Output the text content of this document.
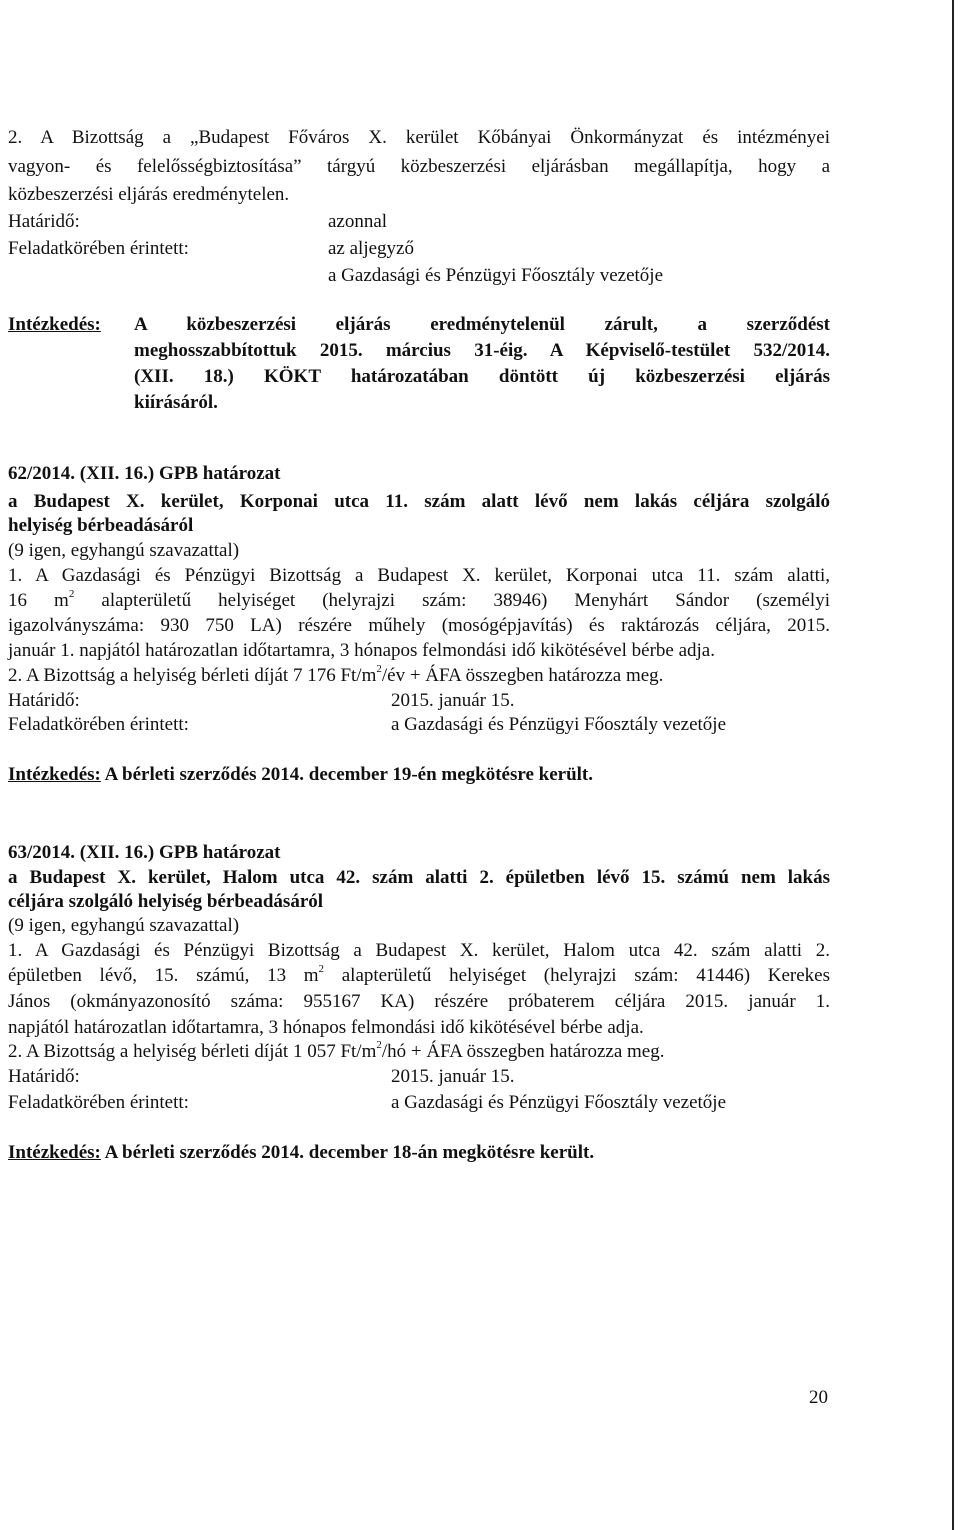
2. A Bizottság a „Budapest Főváros X. kerület Kőbányai Önkormányzat és intézményei
vagyon- és felelősségbiztosítása” tárgyú közbeszerzési eljárásban megállapítja, hogy a
közbeszerzési eljárás eredménytelen.
Határidő:	azonnal
Feladatkörében érintett:	az aljegyző
a Gazdasági és Pénzügyi Főosztály vezetője
Intézkedés: A közbeszerzési eljárás eredménytelenül zárult, a szerződést
meghosszabbítottuk 2015. március 31-éig. A Képviselő-testület 532/2014.
(XII. 18.) KÖKT határozatában döntött új közbeszerzési eljárás
kiírásáról.
62/2014. (XII. 16.) GPB határozat
a Budapest X. kerület, Korponai utca 11. szám alatt lévő nem lakás céljára szolgáló
helyiség bérbeadásáról
(9 igen, egyhangú szavazattal)
1. A Gazdasági és Pénzügyi Bizottság a Budapest X. kerület, Korponai utca 11. szám alatti,
16 $m^2$ alapterületű helyiséget (helyrajzi szám: 38946) Menyhárt Sándor (személyi
igazolványszáma: 930 750 LA) részére műhely (mosógépjavítás) és raktározás céljára, 2015.
január 1. napjától határozatlan időtartamra, 3 hónapos felmondási idő kikötésével bérbe adja.
2. A Bizottság a helyiség bérleti díját 7 176 $Ft/m^2/év$ + ÁFA összegben határozza meg.
Határidő:	2015. január 15.
Feladatkörében érintett:	a Gazdasági és Pénzügyi Főosztály vezetője
Intézkedés: A bérleti szerződés 2014. december 19-én megkötésre került.
63/2014. (XII. 16.) GPB határozat
a Budapest X. kerület, Halom utca 42. szám alatti 2. épületben lévő 15. számú nem lakás
céljára szolgáló helyiség bérbeadásáról
(9 igen, egyhangú szavazattal)
1. A Gazdasági és Pénzügyi Bizottság a Budapest X. kerület, Halom utca 42. szám alatti 2.
épületben lévő, 15. számú, 13 $m^2$ alapterületű helyiséget (helyrajzi szám: 41446) Kerekes
János (okmányazonosító száma: 955167 KA) részére próbaterem céljára 2015. január 1.
napjától határozatlan időtartamra, 3 hónapos felmondási idő kikötésével bérbe adja.
2. A Bizottság a helyiség bérleti díját 1 057 $Ft/m^2/hó$ + ÁFA összegben határozza meg.
Határidő:	2015. január 15.
Feladatkörében érintett:	a Gazdasági és Pénzügyi Főosztály vezetője
Intézkedés: A bérleti szerződés 2014. december 18-án megkötésre került.
20
